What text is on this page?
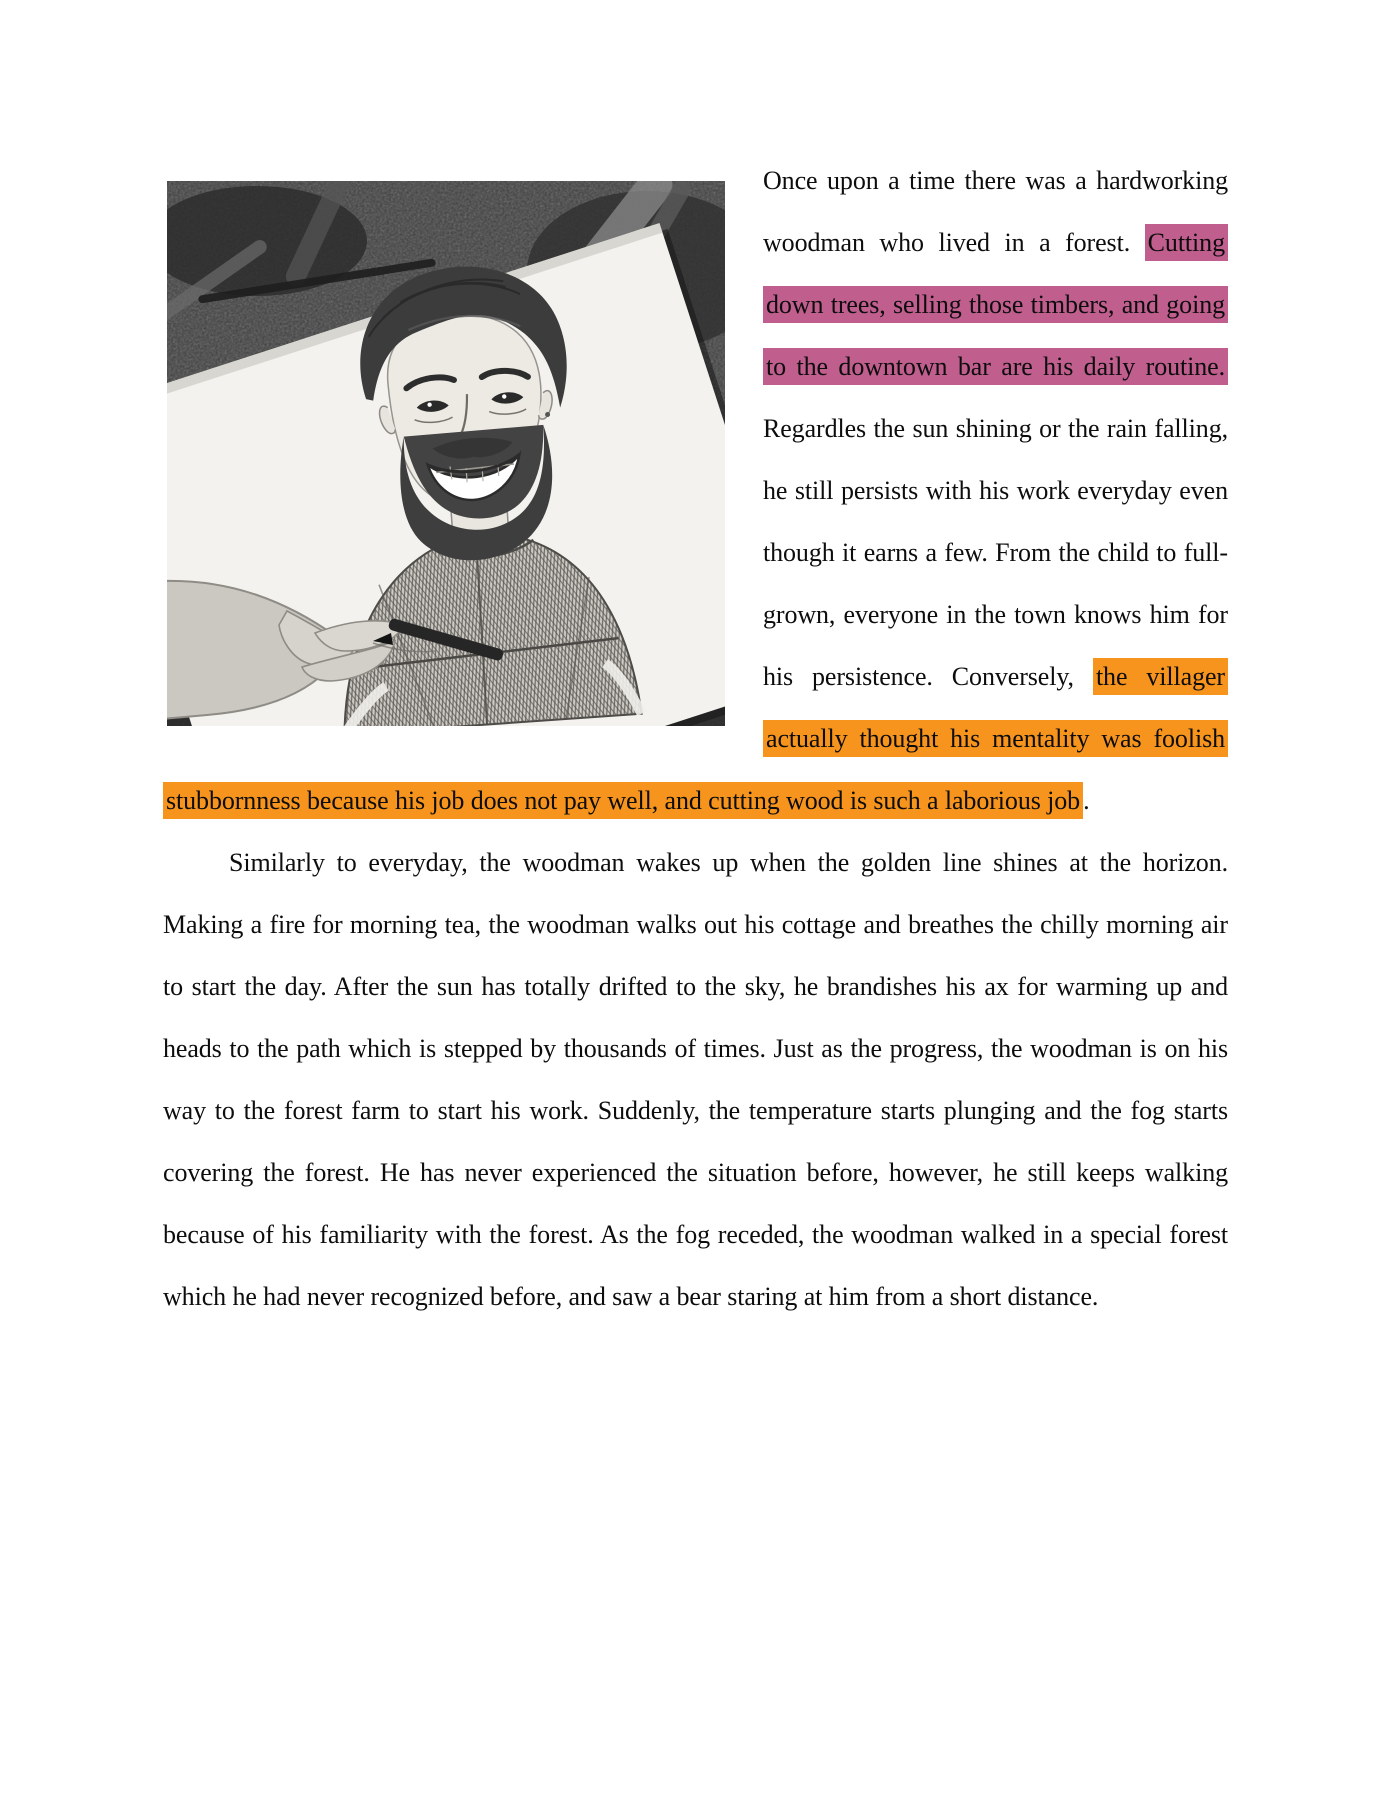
Once upon a time there was a hardworking woodman who lived in a forest. Cutting down trees, selling those timbers, and going to the downtown bar are his daily routine. Regardles the sun shining or the rain falling, he still persists with his work everyday even though it earns a few. From the child to full-grown, everyone in the town knows him for his persistence. Conversely, the villager actually thought his mentality was foolish stubbornness because his job does not pay well, and cutting wood is such a laborious job .

Similarly to everyday, the woodman wakes up when the golden line shines at the horizon. Making a fire for morning tea, the woodman walks out his cottage and breathes the chilly morning air to start the day. After the sun has totally drifted to the sky, he brandishes his ax for warming up and heads to the path which is stepped by thousands of times. Just as the progress, the woodman is on his way to the forest farm to start his work. Suddenly, the temperature starts plunging and the fog starts covering the forest. He has never experienced the situation before, however, he still keeps walking because of his familiarity with the forest. As the fog receded, the woodman walked in a special forest which he had never recognized before, and saw a bear staring at him from a short distance.
